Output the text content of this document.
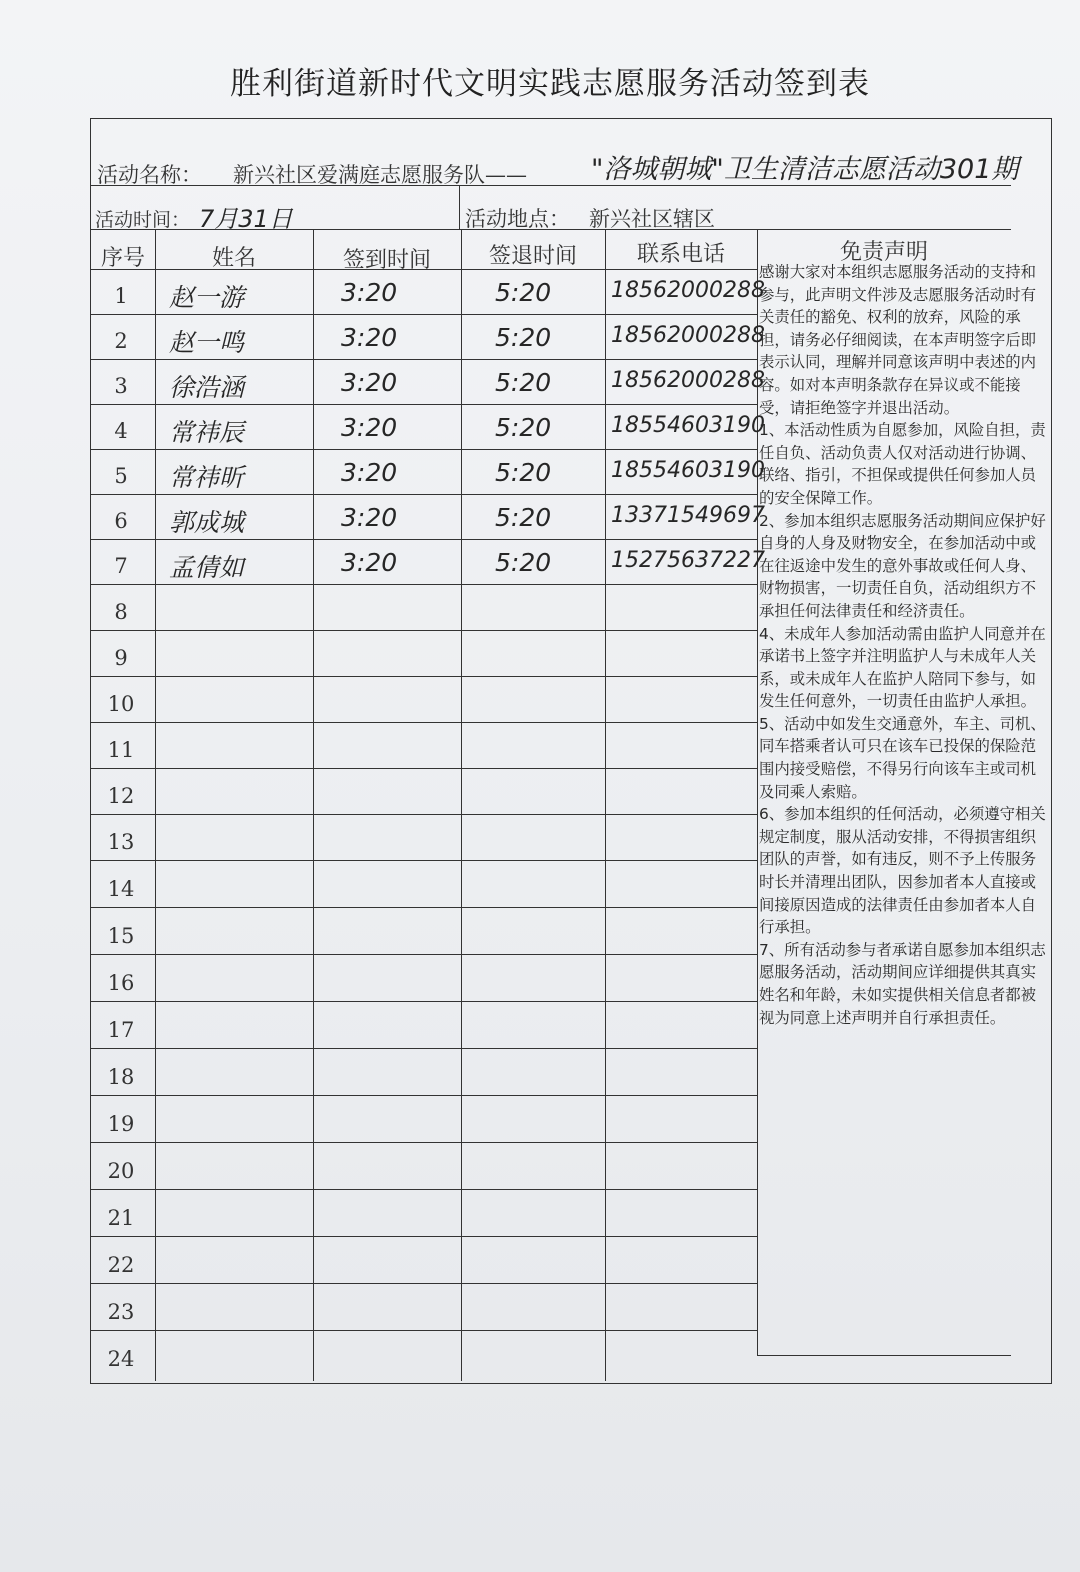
胜利街道新时代文明实践志愿服务活动签到表
活动名称： 新兴社区爱满庭志愿服务队—— "洛城朝城"卫生清洁志愿活动301期
活动时间： 7月31日	活动地点： 新兴社区辖区
序号	姓名	签到时间	签退时间	联系电话	免责声明
1	赵一游	3:20	5:20	18562000288
2	赵一鸣	3:20	5:20	18562000288
3	徐浩涵	3:20	5:20	18562000288
4	常祎辰	3:20	5:20	18554603190
5	常祎昕	3:20	5:20	18554603190
6	郭成城	3:20	5:20	13371549697
7	孟倩如	3:20	5:20	15275637227
8
9
10
11
12
13
14
15
16
17
18
19
20
21
22
23
24

感谢大家对本组织志愿服务活动的支持和参与，此声明文件涉及志愿服务活动时有关责任的豁免、权利的放弃，风险的承担，请务必仔细阅读，在本声明签字后即表示认同，理解并同意该声明中表述的内容。如对本声明条款存在异议或不能接受，请拒绝签字并退出活动。

1、本活动性质为自愿参加，风险自担，责任自负、活动负责人仅对活动进行协调、联络、指引，不担保或提供任何参加人员的安全保障工作。

2、参加本组织志愿服务活动期间应保护好自身的人身及财物安全，在参加活动中或在往返途中发生的意外事故或任何人身、财物损害，一切责任自负，活动组织方不承担任何法律责任和经济责任。

4、未成年人参加活动需由监护人同意并在承诺书上签字并注明监护人与未成年人关系，或未成年人在监护人陪同下参与，如发生任何意外，一切责任由监护人承担。

5、活动中如发生交通意外，车主、司机、同车搭乘者认可只在该车已投保的保险范围内接受赔偿，不得另行向该车主或司机及同乘人索赔。

6、参加本组织的任何活动，必须遵守相关规定制度，服从活动安排，不得损害组织团队的声誉，如有违反，则不予上传服务时长并清理出团队，因参加者本人直接或间接原因造成的法律责任由参加者本人自行承担。

7、所有活动参与者承诺自愿参加本组织志愿服务活动，活动期间应详细提供其真实姓名和年龄，未如实提供相关信息者都被视为同意上述声明并自行承担责任。
